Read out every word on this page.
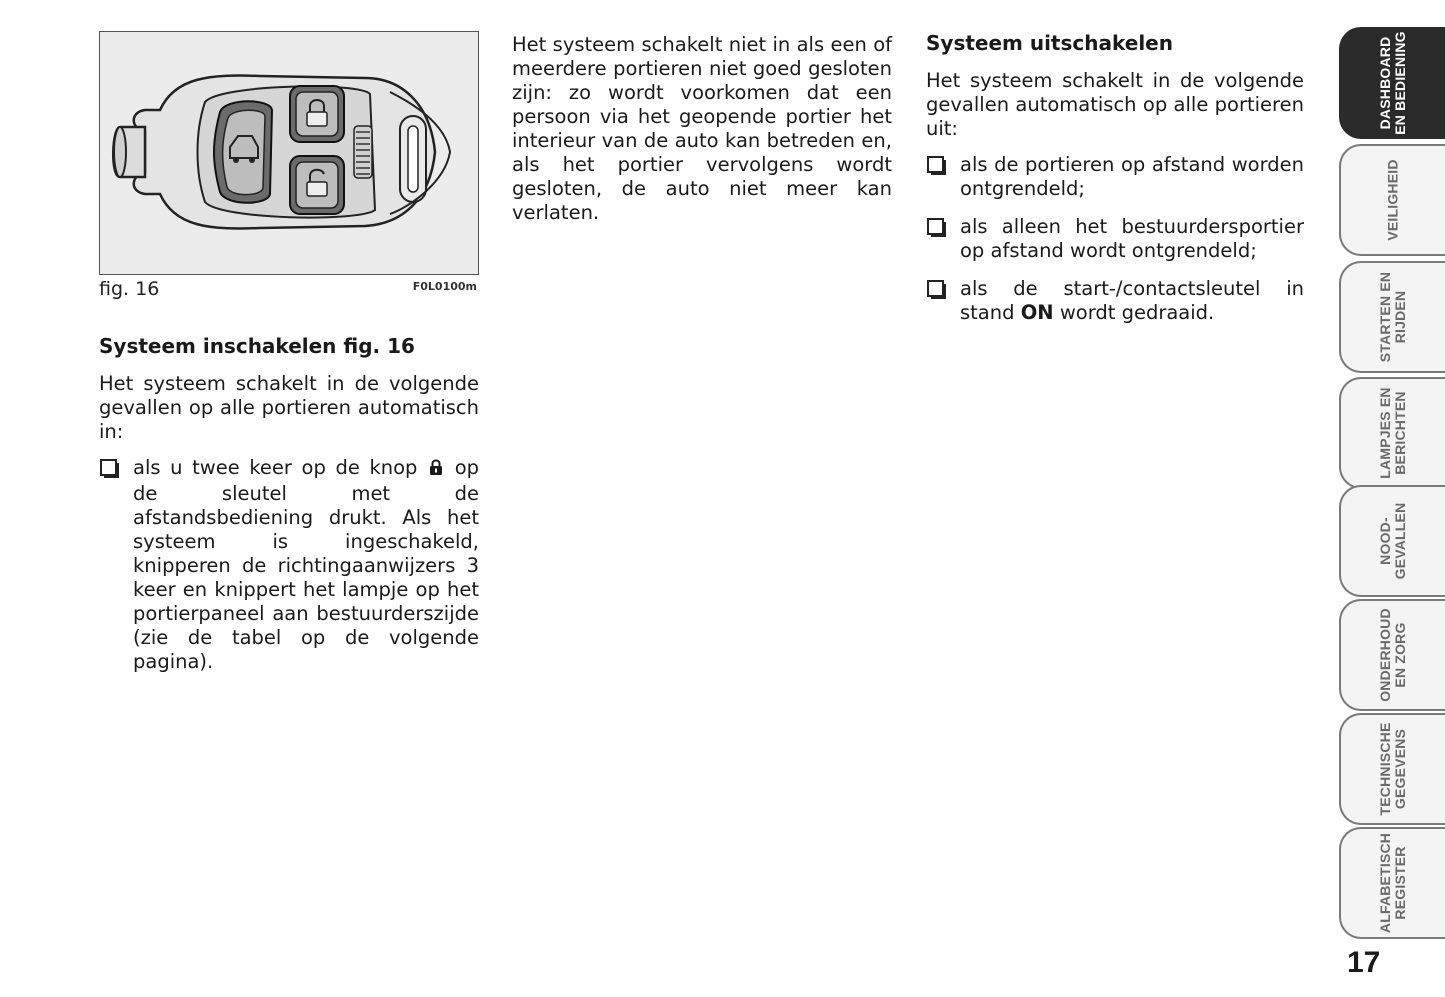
fig. 16	F0L0100m
Systeem inschakelen fig. 16

Het systeem schakelt in de volgende gevallen op alle portieren automatisch in:

als u twee keer op de knop op de sleutel met de afstandsbediening drukt. Als het systeem is ingeschakeld, knipperen de richtingaanwijzers 3 keer en knippert het lampje op het portierpaneel aan bestuurderszijde (zie de tabel op de volgende pagina).

Het systeem schakelt niet in als een of meerdere portieren niet goed gesloten zijn: zo wordt voorkomen dat een persoon via het geopende portier het interieur van de auto kan betreden en, als het portier vervolgens wordt gesloten, de auto niet meer kan verlaten.

Systeem uitschakelen

Het systeem schakelt in de volgende gevallen automatisch op alle portieren uit:

als de portieren op afstand worden ontgrendeld;
als alleen het bestuurdersportier op afstand wordt ontgrendeld;
als de start-/contactsleutel in stand ON wordt gedraaid.
DASHBOARD
EN BEDIENING
VEILIGHEID
STARTEN EN
RIJDEN
LAMPJES EN
BERICHTEN
NOOD-
GEVALLEN
ONDERHOUD
EN ZORG
TECHNISCHE
GEGEVENS
ALFABETISCH
REGISTER
17
